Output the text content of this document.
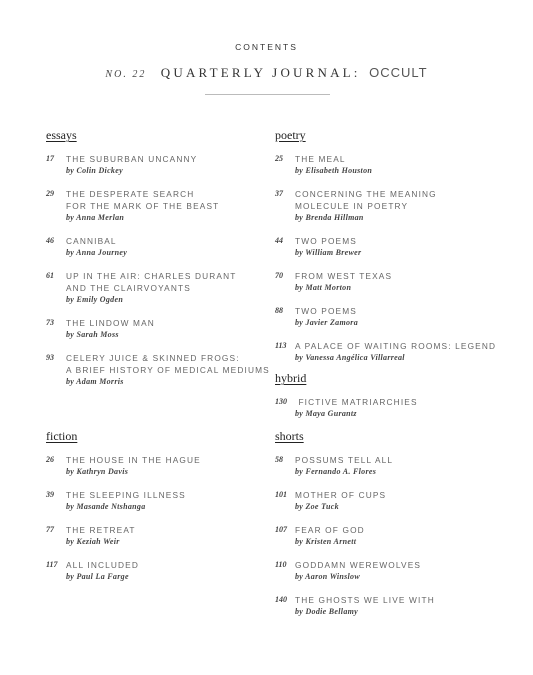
CONTENTS
NO. 22 QUARTERLY JOURNAL: OCCULT
essays
17	THE SUBURBAN UNCANNY
by Colin Dickey
29	THE DESPERATE SEARCH
FOR THE MARK OF THE BEAST
by Anna Merlan
46	CANNIBAL
by Anna Journey
61	UP IN THE AIR: CHARLES DURANT
AND THE CLAIRVOYANTS
by Emily Ogden
73	THE LINDOW MAN
by Sarah Moss
93	CELERY JUICE & SKINNED FROGS:
A BRIEF HISTORY OF MEDICAL MEDIUMS
by Adam Morris
fiction
26	THE HOUSE IN THE HAGUE
by Kathryn Davis
39	THE SLEEPING ILLNESS
by Masande Ntshanga
77	THE RETREAT
by Keziah Weir
117	ALL INCLUDED
by Paul La Farge
poetry
25	THE MEAL
by Elisabeth Houston
37	CONCERNING THE MEANING
MOLECULE IN POETRY
by Brenda Hillman
44	TWO POEMS
by William Brewer
70	FROM WEST TEXAS
by Matt Morton
88	TWO POEMS
by Javier Zamora
113	A PALACE OF WAITING ROOMS: LEGEND
by Vanessa Angélica Villarreal
hybrid
130 FICTIVE MATRIARCHIES
by Maya Gurantz
shorts
58	POSSUMS TELL ALL
by Fernando A. Flores
101 MOTHER OF CUPS
by Zoe Tuck
107 FEAR OF GOD
by Kristen Arnett
110	GODDAMN WEREWOLVES
by Aaron Winslow
140 THE GHOSTS WE LIVE WITH
by Dodie Bellamy
